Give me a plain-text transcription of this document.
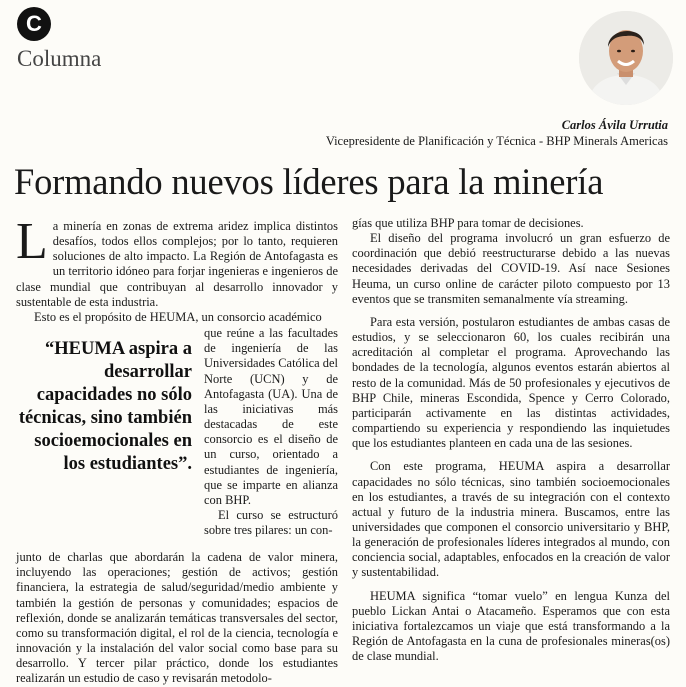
C
Columna
Carlos Ávila Urrutia
Vicepresidente de Planificación y Técnica - BHP Minerals Americas
Formando nuevos líderes para la minería

La minería en zonas de extrema aridez implica distintos desafíos, todos ellos complejos; por lo tanto, requieren soluciones de alto impacto. La Región de Antofagasta es un territorio idóneo para forjar ingenieras e ingenieros de clase mundial que contribuyan al desarrollo innovador y sustentable de esta industria.

Esto es el propósito de HEUMA, un consorcio académico

“HEUMA aspira a desarrollar capacidades no sólo técnicas, sino también socioemocionales en los estudiantes”.

que reúne a las facultades de ingeniería de las Universidades Católica del Norte (UCN) y de Antofagasta (UA). Una de las iniciativas más destacadas de este consorcio es el diseño de un curso, orientado a estudiantes de ingeniería, que se imparte en alianza con BHP.

El curso se estructuró sobre tres pilares: un con-

junto de charlas que abordarán la cadena de valor minera, incluyendo las operaciones; gestión de activos; gestión financiera, la estrategia de salud/seguridad/medio ambiente y también la gestión de personas y comunidades; espacios de reflexión, donde se analizarán temáticas transversales del sector, como su transformación digital, el rol de la ciencia, tecnología e innovación y la instalación del valor social como base para su desarrollo. Y tercer pilar práctico, donde los estudiantes realizarán un estudio de caso y revisarán metodolo-

gías que utiliza BHP para tomar de decisiones.

El diseño del programa involucró un gran esfuerzo de coordinación que debió reestructurarse debido a las nuevas necesidades derivadas del COVID-19. Así nace Sesiones Heuma, un curso online de carácter piloto compuesto por 13 eventos que se transmiten semanalmente vía streaming.

Para esta versión, postularon estudiantes de ambas casas de estudios, y se seleccionaron 60, los cuales recibirán una acreditación al completar el programa. Aprovechando las bondades de la tecnología, algunos eventos estarán abiertos al resto de la comunidad. Más de 50 profesionales y ejecutivos de BHP Chile, mineras Escondida, Spence y Cerro Colorado, participarán activamente en las distintas actividades, compartiendo su experiencia y respondiendo las inquietudes que los estudiantes planteen en cada una de las sesiones.

Con este programa, HEUMA aspira a desarrollar capacidades no sólo técnicas, sino también socioemocionales en los estudiantes, a través de su integración con el contexto actual y futuro de la industria minera. Buscamos, entre las universidades que componen el consorcio universitario y BHP, la generación de profesionales líderes integrados al mundo, con conciencia social, adaptables, enfocados en la creación de valor y sustentabilidad.

HEUMA significa “tomar vuelo” en lengua Kunza del pueblo Lickan Antai o Atacameño. Esperamos que con esta iniciativa fortalezcamos un viaje que está transformando a la Región de Antofagasta en la cuna de profesionales mineras(os) de clase mundial.
